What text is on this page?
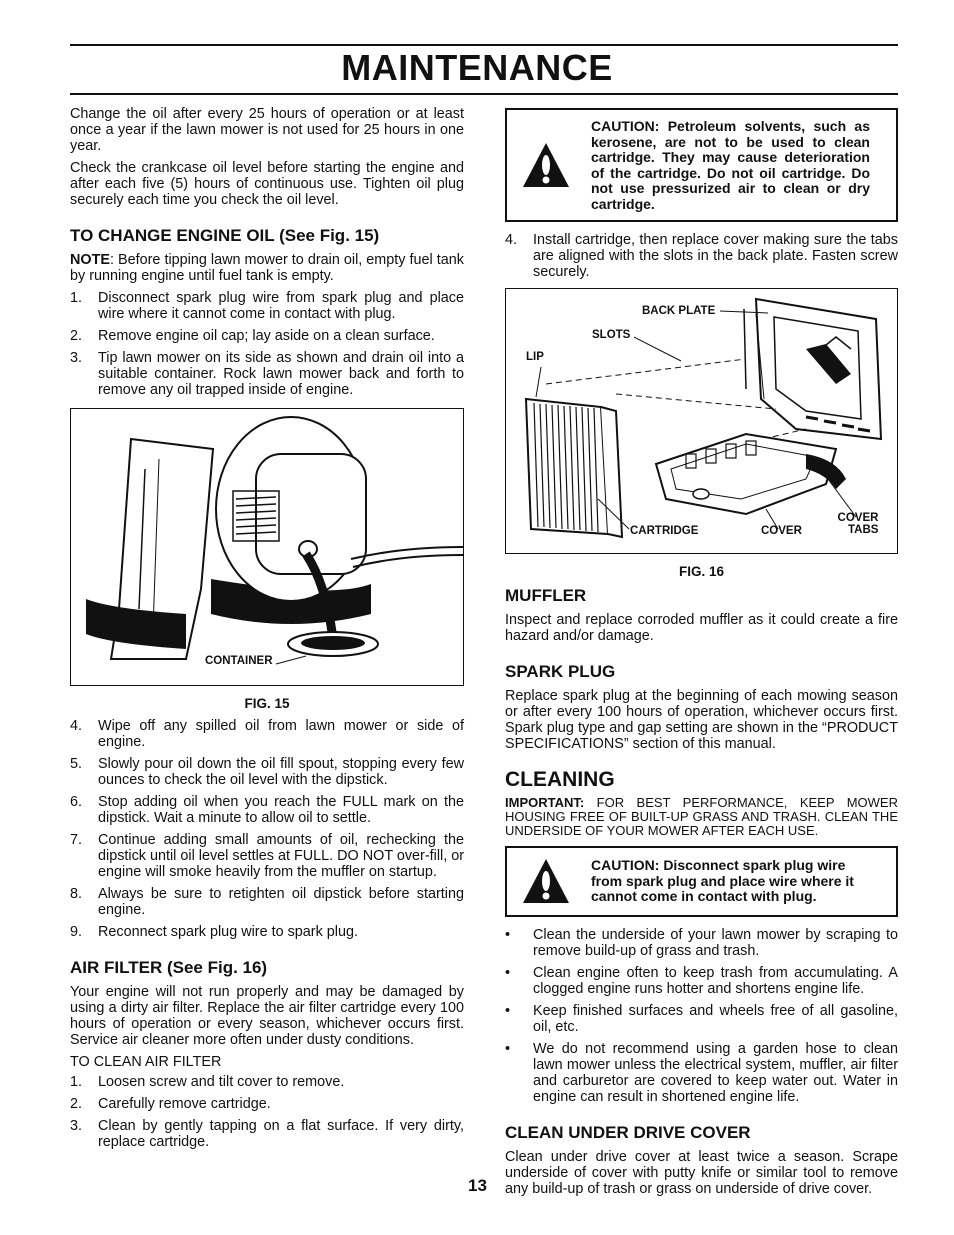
MAINTENANCE

Change the oil after every 25 hours of operation or at least once a year if the lawn mower is not used for 25 hours in one year.

Check the crankcase oil level before starting the engine and after each five (5) hours of continuous use. Tighten oil plug securely each time you check the oil level.

TO CHANGE ENGINE OIL (See Fig. 15)

NOTE: Before tipping lawn mower to drain oil, empty fuel tank by running engine until fuel tank is empty.

1. Disconnect spark plug wire from spark plug and place wire where it cannot come in contact with plug.
2. Remove engine oil cap; lay aside on a clean surface.
3. Tip lawn mower on its side as shown and drain oil into a suitable container. Rock lawn mower back and forth to remove any oil trapped inside of engine.
CONTAINER
FIG. 15
4. Wipe off any spilled oil from lawn mower or side of engine.
5. Slowly pour oil down the oil fill spout, stopping every few ounces to check the oil level with the dipstick.
6. Stop adding oil when you reach the FULL mark on the dipstick. Wait a minute to allow oil to settle.
7. Continue adding small amounts of oil, rechecking the dipstick until oil level settles at FULL. DO NOT over-fill, or engine will smoke heavily from the muffler on startup.
8. Always be sure to retighten oil dipstick before starting engine.
9. Reconnect spark plug wire to spark plug.
AIR FILTER (See Fig. 16)

Your engine will not run properly and may be damaged by using a dirty air filter. Replace the air filter cartridge every 100 hours of operation or every season, whichever occurs first. Service air cleaner more often under dusty conditions.

TO CLEAN AIR FILTER

1. Loosen screw and tilt cover to remove.
2. Carefully remove cartridge.
3. Clean by gently tapping on a flat surface. If very dirty, replace cartridge.
CAUTION: Petroleum solvents, such as kerosene, are not to be used to clean cartridge. They may cause deterioration of the cartridge. Do not oil cartridge. Do not use pressurized air to clean or dry cartridge.
4. Install cartridge, then replace cover making sure the tabs are aligned with the slots in the back plate. Fasten screw securely.
BACK PLATE
SLOTS
LIP
CARTRIDGE	COVER
COVER
TABS
FIG. 16
MUFFLER

Inspect and replace corroded muffler as it could create a fire hazard and/or damage.

SPARK PLUG

Replace spark plug at the beginning of each mowing season or after every 100 hours of operation, whichever occurs first. Spark plug type and gap setting are shown in the “PRODUCT SPECIFICATIONS” section of this manual.

CLEANING

IMPORTANT: FOR BEST PERFORMANCE, KEEP MOWER HOUSING FREE OF BUILT-UP GRASS AND TRASH. CLEAN THE UNDERSIDE OF YOUR MOWER AFTER EACH USE.

CAUTION: Disconnect spark plug wire from spark plug and place wire where it cannot come in contact with plug.
• Clean the underside of your lawn mower by scraping to remove build-up of grass and trash.
• Clean engine often to keep trash from accumulating. A clogged engine runs hotter and shortens engine life.
• Keep finished surfaces and wheels free of all gasoline, oil, etc.
• We do not recommend using a garden hose to clean lawn mower unless the electrical system, muffler, air filter and carburetor are covered to keep water out. Water in engine can result in shortened engine life.
CLEAN UNDER DRIVE COVER

Clean under drive cover at least twice a season. Scrape underside of cover with putty knife or similar tool to remove any build-up of trash or grass on underside of drive cover.

13
